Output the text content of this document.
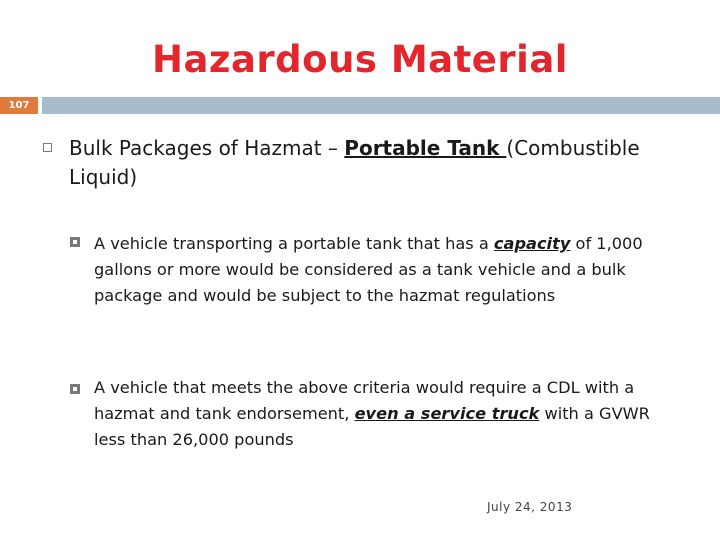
Hazardous Material
107
Bulk Packages of Hazmat – Portable Tank (Combustible Liquid)
A vehicle transporting a portable tank that has a capacity of 1,000 gallons or more would be considered as a tank vehicle and a bulk package and would be subject to the hazmat regulations
A vehicle that meets the above criteria would require a CDL with a hazmat and tank endorsement, even a service truck with a GVWR less than 26,000 pounds
July 24, 2013
